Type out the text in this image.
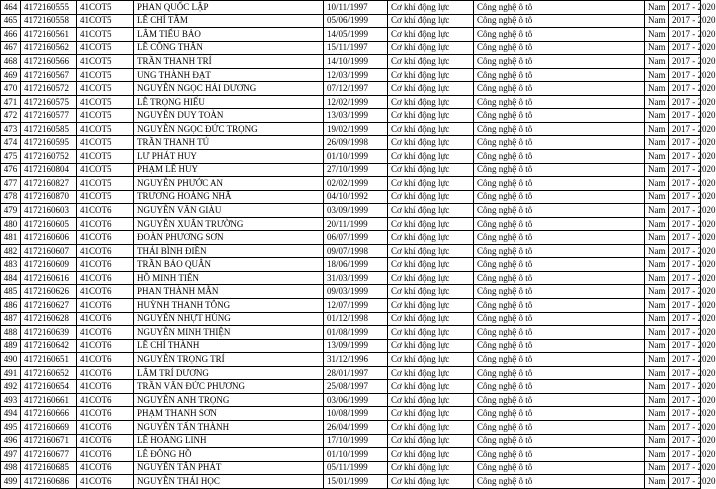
464	4172160555	41COT5	PHAN QUỐC LẬP	10/11/1997	Cơ khí động lực	Công nghệ ô tô	Nam	2017 - 2020
465	4172160558	41COT5	LÊ CHÍ TÂM	05/06/1999	Cơ khí động lực	Công nghệ ô tô	Nam	2017 - 2020
466	4172160561	41COT5	LÂM TIỂU BẢO	14/05/1999	Cơ khí động lực	Công nghệ ô tô	Nam	2017 - 2020
467	4172160562	41COT5	LÊ CÔNG THẮN	15/11/1997	Cơ khí động lực	Công nghệ ô tô	Nam	2017 - 2020
468	4172160566	41COT5	TRẦN THANH TRÍ	14/10/1999	Cơ khí động lực	Công nghệ ô tô	Nam	2017 - 2020
469	4172160567	41COT5	UNG THÀNH ĐẠT	12/03/1999	Cơ khí động lực	Công nghệ ô tô	Nam	2017 - 2020
470	4172160572	41COT5	NGUYỄN NGỌC HẢI DƯƠNG	07/12/1997	Cơ khí động lực	Công nghệ ô tô	Nam	2017 - 2020
471	4172160575	41COT5	LÊ TRỌNG HIẾU	12/02/1999	Cơ khí động lực	Công nghệ ô tô	Nam	2017 - 2020
472	4172160577	41COT5	NGUYỄN DUY TOÀN	13/03/1999	Cơ khí động lực	Công nghệ ô tô	Nam	2017 - 2020
473	4172160585	41COT5	NGUYỄN NGỌC ĐỨC TRỌNG	19/02/1999	Cơ khí động lực	Công nghệ ô tô	Nam	2017 - 2020
474	4172160595	41COT5	TRẦN THANH TÚ	26/09/1998	Cơ khí động lực	Công nghệ ô tô	Nam	2017 - 2020
475	4172160752	41COT5	LƯ PHÁT HUY	01/10/1999	Cơ khí động lực	Công nghệ ô tô	Nam	2017 - 2020
476	4172160804	41COT5	PHẠM LÊ HUY	27/10/1999	Cơ khí động lực	Công nghệ ô tô	Nam	2017 - 2020
477	4172160827	41COT5	NGUYỄN PHƯỚC AN	02/02/1999	Cơ khí động lực	Công nghệ ô tô	Nam	2017 - 2020
478	4172160870	41COT5	TRƯƠNG HOÀNG NHÃ	04/10/1992	Cơ khí động lực	Công nghệ ô tô	Nam	2017 - 2020
479	4172160603	41COT6	NGUYỄN VĂN GIÀU	03/09/1999	Cơ khí động lực	Công nghệ ô tô	Nam	2017 - 2020
480	4172160605	41COT6	NGUYỄN XUÂN TRƯỜNG	20/11/1999	Cơ khí động lực	Công nghệ ô tô	Nam	2017 - 2020
481	4172160606	41COT6	ĐOÀN PHƯƠNG SƠN	06/07/1999	Cơ khí động lực	Công nghệ ô tô	Nam	2017 - 2020
482	4172160607	41COT6	THÁI BÌNH ĐIỀN	09/07/1998	Cơ khí động lực	Công nghệ ô tô	Nam	2017 - 2020
483	4172160609	41COT6	TRẦN BẢO QUÂN	18/06/1999	Cơ khí động lực	Công nghệ ô tô	Nam	2017 - 2020
484	4172160616	41COT6	HỒ MINH TIẾN	31/03/1999	Cơ khí động lực	Công nghệ ô tô	Nam	2017 - 2020
485	4172160626	41COT6	PHAN THÀNH MẪN	09/03/1999	Cơ khí động lực	Công nghệ ô tô	Nam	2017 - 2020
486	4172160627	41COT6	HUỲNH THANH TÔNG	12/07/1999	Cơ khí động lực	Công nghệ ô tô	Nam	2017 - 2020
487	4172160628	41COT6	NGUYỄN NHỰT HÙNG	01/12/1998	Cơ khí động lực	Công nghệ ô tô	Nam	2017 - 2020
488	4172160639	41COT6	NGUYỄN MINH THIỆN	01/08/1999	Cơ khí động lực	Công nghệ ô tô	Nam	2017 - 2020
489	4172160642	41COT6	LÊ CHÍ THÀNH	13/09/1999	Cơ khí động lực	Công nghệ ô tô	Nam	2017 - 2020
490	4172160651	41COT6	NGUYỄN TRỌNG TRÍ	31/12/1996	Cơ khí động lực	Công nghệ ô tô	Nam	2017 - 2020
491	4172160652	41COT6	LÂM TRÍ DƯƠNG	28/01/1997	Cơ khí động lực	Công nghệ ô tô	Nam	2017 - 2020
492	4172160654	41COT6	TRẦN VĂN ĐỨC PHƯƠNG	25/08/1997	Cơ khí động lực	Công nghệ ô tô	Nam	2017 - 2020
493	4172160661	41COT6	NGUYỄN ANH TRỌNG	03/06/1999	Cơ khí động lực	Công nghệ ô tô	Nam	2017 - 2020
494	4172160666	41COT6	PHẠM THANH SƠN	10/08/1999	Cơ khí động lực	Công nghệ ô tô	Nam	2017 - 2020
495	4172160669	41COT6	NGUYỄN TẤN THÀNH	26/04/1999	Cơ khí động lực	Công nghệ ô tô	Nam	2017 - 2020
496	4172160671	41COT6	LÊ HOÀNG LINH	17/10/1999	Cơ khí động lực	Công nghệ ô tô	Nam	2017 - 2020
497	4172160677	41COT6	LÊ ĐÔNG HỒ	01/10/1999	Cơ khí động lực	Công nghệ ô tô	Nam	2017 - 2020
498	4172160685	41COT6	NGUYỄN TẤN PHÁT	05/11/1999	Cơ khí động lực	Công nghệ ô tô	Nam	2017 - 2020
499	4172160686	41COT6	NGUYỄN THÁI HỌC	15/01/1999	Cơ khí động lực	Công nghệ ô tô	Nam	2017 - 2020
